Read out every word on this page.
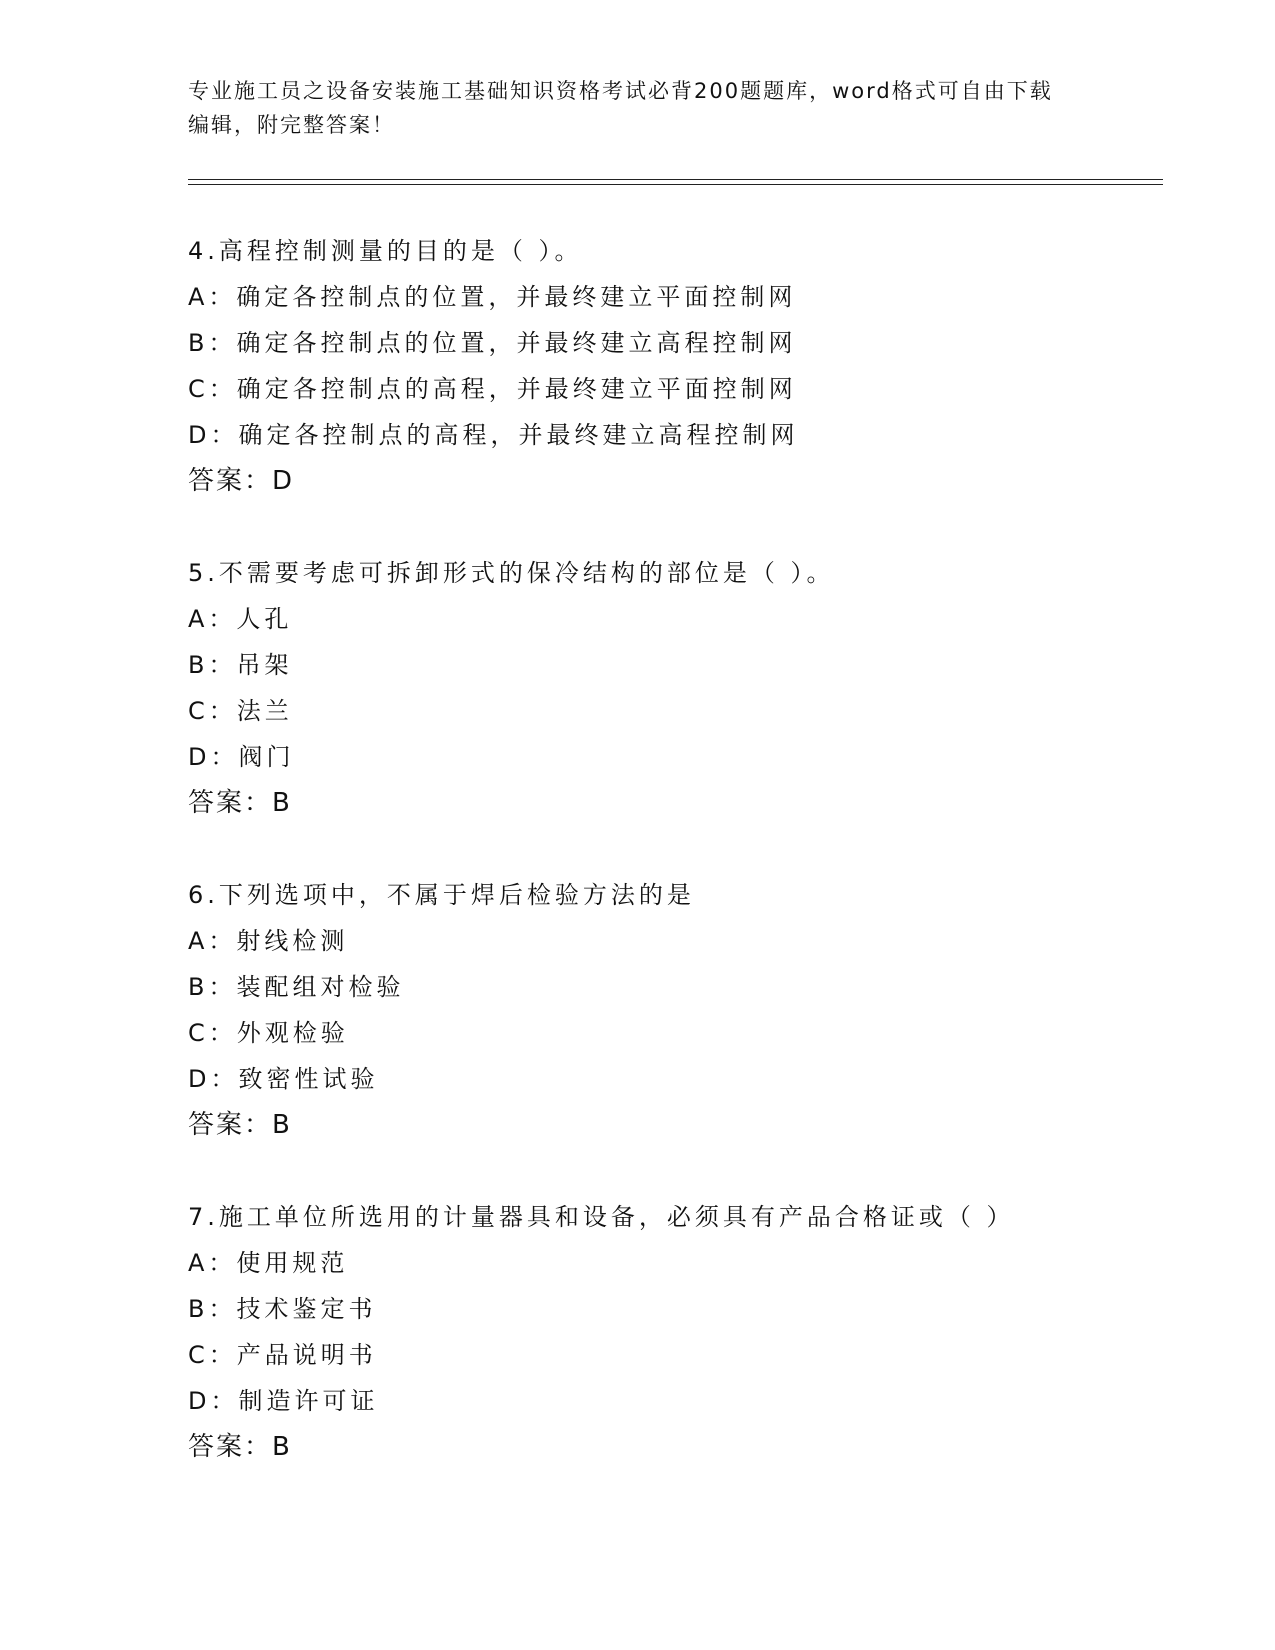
专业施工员之设备安装施工基础知识资格考试必背200题题库，word格式可自由下载编辑，附完整答案！
4.高程控制测量的目的是（ ）。
A：确定各控制点的位置，并最终建立平面控制网
B：确定各控制点的位置，并最终建立高程控制网
C：确定各控制点的高程，并最终建立平面控制网
D：确定各控制点的高程，并最终建立高程控制网
答案：D
5.不需要考虑可拆卸形式的保冷结构的部位是（ ）。
A：人孔
B：吊架
C：法兰
D：阀门
答案：B
6.下列选项中，不属于焊后检验方法的是
A：射线检测
B：装配组对检验
C：外观检验
D：致密性试验
答案：B
7.施工单位所选用的计量器具和设备，必须具有产品合格证或（ ）
A：使用规范
B：技术鉴定书
C：产品说明书
D：制造许可证
答案：B
